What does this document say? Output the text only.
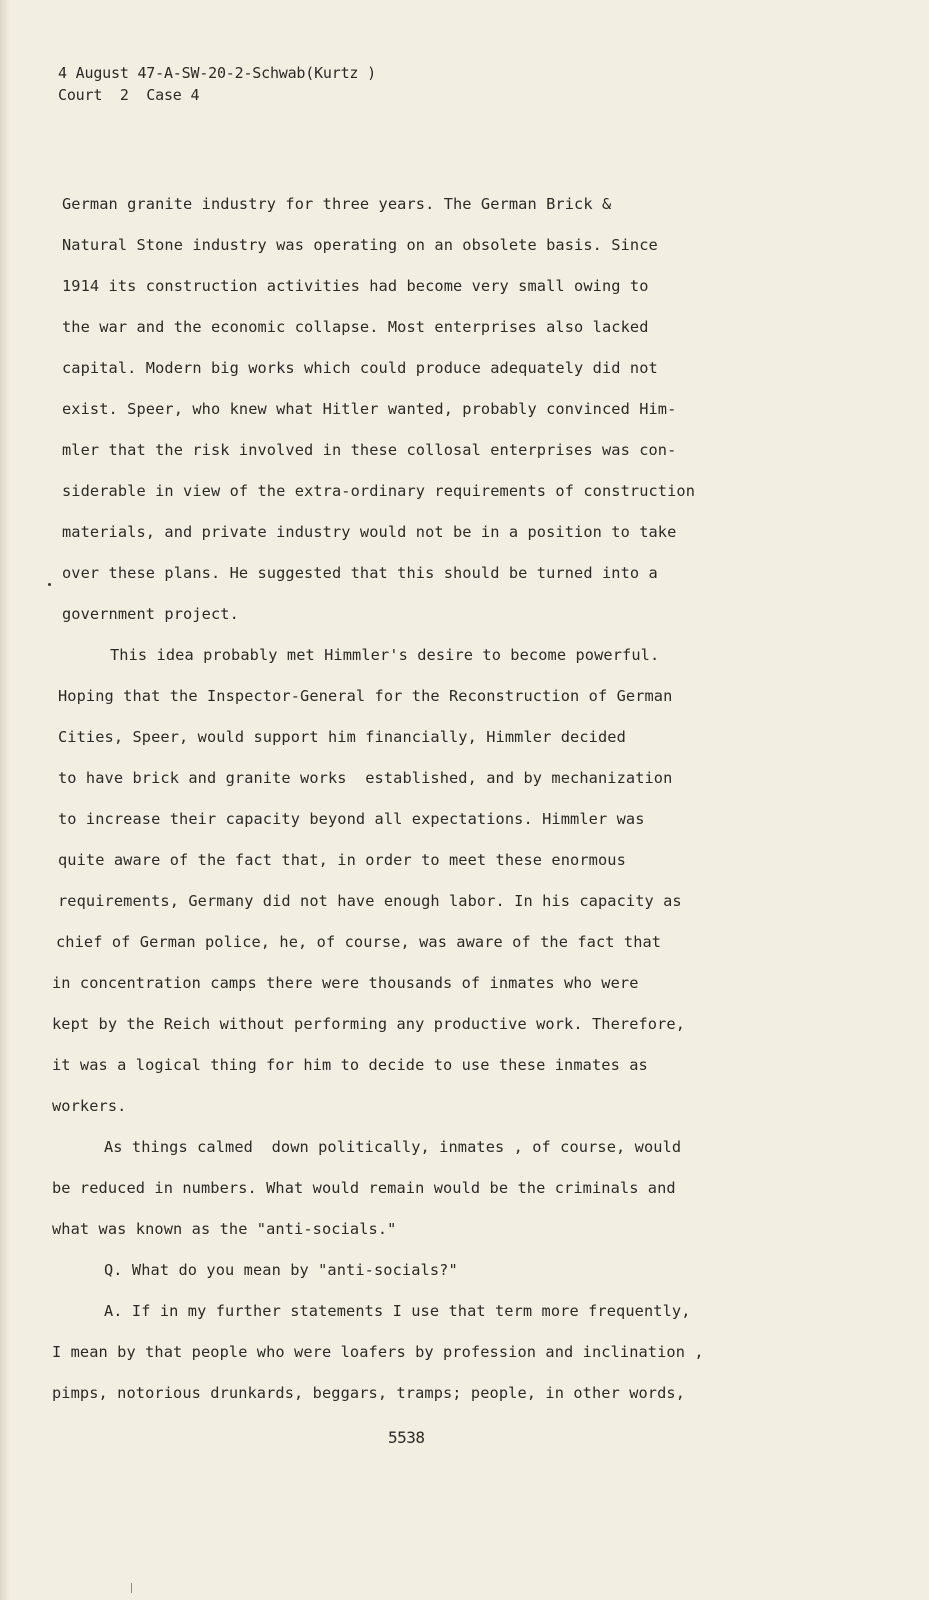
4 August 47-A-SW-20-2-Schwab(Kurtz )
Court  2  Case 4
German granite industry for three years. The German Brick &
Natural Stone industry was operating on an obsolete basis. Since
1914 its construction activities had become very small owing to
the war and the economic collapse. Most enterprises also lacked
capital. Modern big works which could produce adequately did not
exist. Speer, who knew what Hitler wanted, probably convinced Him-
mler that the risk involved in these collosal enterprises was con-
siderable in view of the extra-ordinary requirements of construction
materials, and private industry would not be in a position to take
over these plans. He suggested that this should be turned into a
government project.
This idea probably met Himmler's desire to become powerful.
Hoping that the Inspector-General for the Reconstruction of German
Cities, Speer, would support him financially, Himmler decided
to have brick and granite works  established, and by mechanization
to increase their capacity beyond all expectations. Himmler was
quite aware of the fact that, in order to meet these enormous
requirements, Germany did not have enough labor. In his capacity as
chief of German police, he, of course, was aware of the fact that
in concentration camps there were thousands of inmates who were
kept by the Reich without performing any productive work. Therefore,
it was a logical thing for him to decide to use these inmates as
workers.
As things calmed  down politically, inmates , of course, would
be reduced in numbers. What would remain would be the criminals and
what was known as the "anti-socials."
Q. What do you mean by "anti-socials?"
A. If in my further statements I use that term more frequently,
I mean by that people who were loafers by profession and inclination ,
pimps, notorious drunkards, beggars, tramps; people, in other words,
5538
